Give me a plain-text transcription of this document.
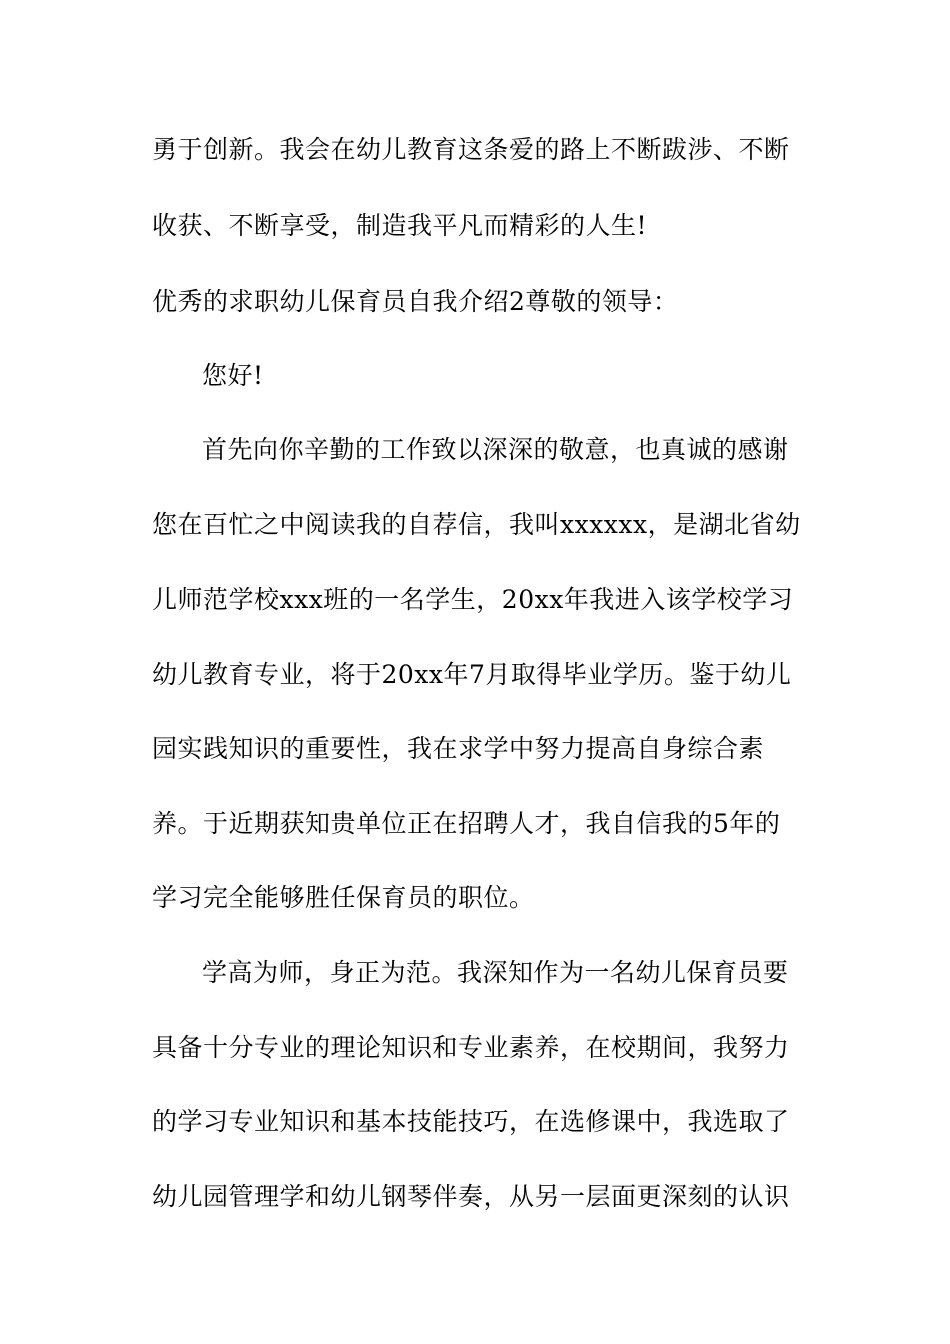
勇于创新。我会在幼儿教育这条爱的路上不断跋涉、不断
收获、不断享受，制造我平凡而精彩的人生!
优秀的求职幼儿保育员自我介绍2尊敬的领导：
您好!
首先向你辛勤的工作致以深深的敬意，也真诚的感谢
您在百忙之中阅读我的自荐信，我叫xxxxxx，是湖北省幼
儿师范学校xxx班的一名学生，20xx年我进入该学校学习
幼儿教育专业，将于20xx年7月取得毕业学历。鉴于幼儿
园实践知识的重要性，我在求学中努力提高自身综合素
养。于近期获知贵单位正在招聘人才，我自信我的5年的
学习完全能够胜任保育员的职位。
学高为师，身正为范。我深知作为一名幼儿保育员要
具备十分专业的理论知识和专业素养，在校期间，我努力
的学习专业知识和基本技能技巧，在选修课中，我选取了
幼儿园管理学和幼儿钢琴伴奏，从另一层面更深刻的认识
